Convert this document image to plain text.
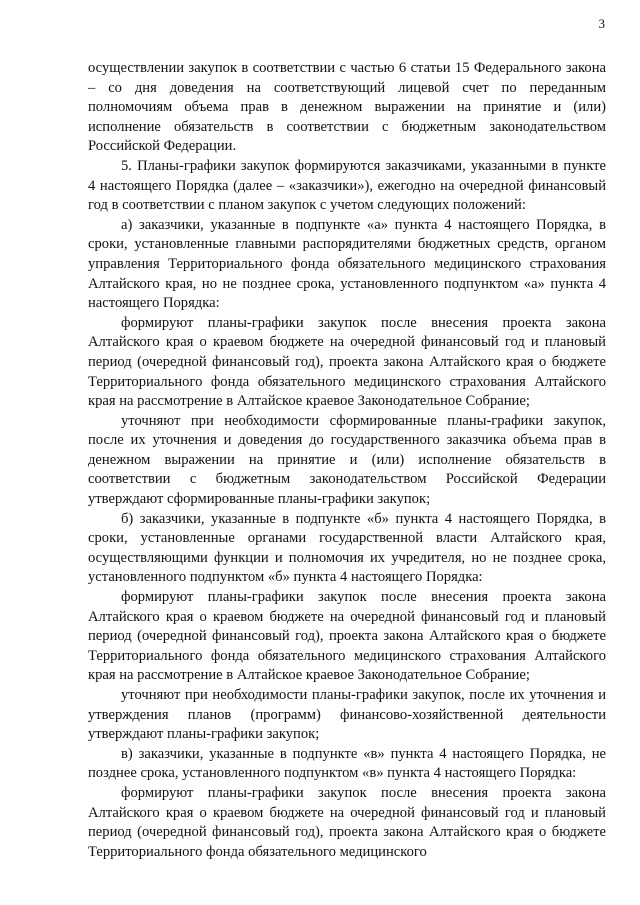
3

осуществлении закупок в соответствии с частью 6 статьи 15 Федерального закона – со дня доведения на соответствующий лицевой счет по переданным полномочиям объема прав в денежном выражении на принятие и (или) исполнение обязательств в соответствии с бюджетным законодательством Российской Федерации.

5. Планы-графики закупок формируются заказчиками, указанными в пункте 4 настоящего Порядка (далее – «заказчики»), ежегодно на очередной финансовый год в соответствии с планом закупок с учетом следующих положений:

а) заказчики, указанные в подпункте «а» пункта 4 настоящего Порядка, в сроки, установленные главными распорядителями бюджетных средств, органом управления Территориального фонда обязательного медицинского страхования Алтайского края, но не позднее срока, установленного подпунктом «а» пункта 4 настоящего Порядка:

формируют планы-графики закупок после внесения проекта закона Алтайского края о краевом бюджете на очередной финансовый год и плановый период (очередной финансовый год), проекта закона Алтайского края о бюджете Территориального фонда обязательного медицинского страхования Алтайского края на рассмотрение в Алтайское краевое Законодательное Собрание;

уточняют при необходимости сформированные планы-графики закупок, после их уточнения и доведения до государственного заказчика объема прав в денежном выражении на принятие и (или) исполнение обязательств в соответствии с бюджетным законодательством Российской Федерации утверждают сформированные планы-графики закупок;

б) заказчики, указанные в подпункте «б» пункта 4 настоящего Порядка, в сроки, установленные органами государственной власти Алтайского края, осуществляющими функции и полномочия их учредителя, но не позднее срока, установленного подпунктом «б» пункта 4 настоящего Порядка:

формируют планы-графики закупок после внесения проекта закона Алтайского края о краевом бюджете на очередной финансовый год и плановый период (очередной финансовый год), проекта закона Алтайского края о бюджете Территориального фонда обязательного медицинского страхования Алтайского края на рассмотрение в Алтайское краевое Законодательное Собрание;

уточняют при необходимости планы-графики закупок, после их уточнения и утверждения планов (программ) финансово-хозяйственной деятельности утверждают планы-графики закупок;

в) заказчики, указанные в подпункте «в» пункта 4 настоящего Порядка, не позднее срока, установленного подпунктом «в» пункта 4 настоящего Порядка:

формируют планы-графики закупок после внесения проекта закона Алтайского края о краевом бюджете на очередной финансовый год и плановый период (очередной финансовый год), проекта закона Алтайского края о бюджете Территориального фонда обязательного медицинского
